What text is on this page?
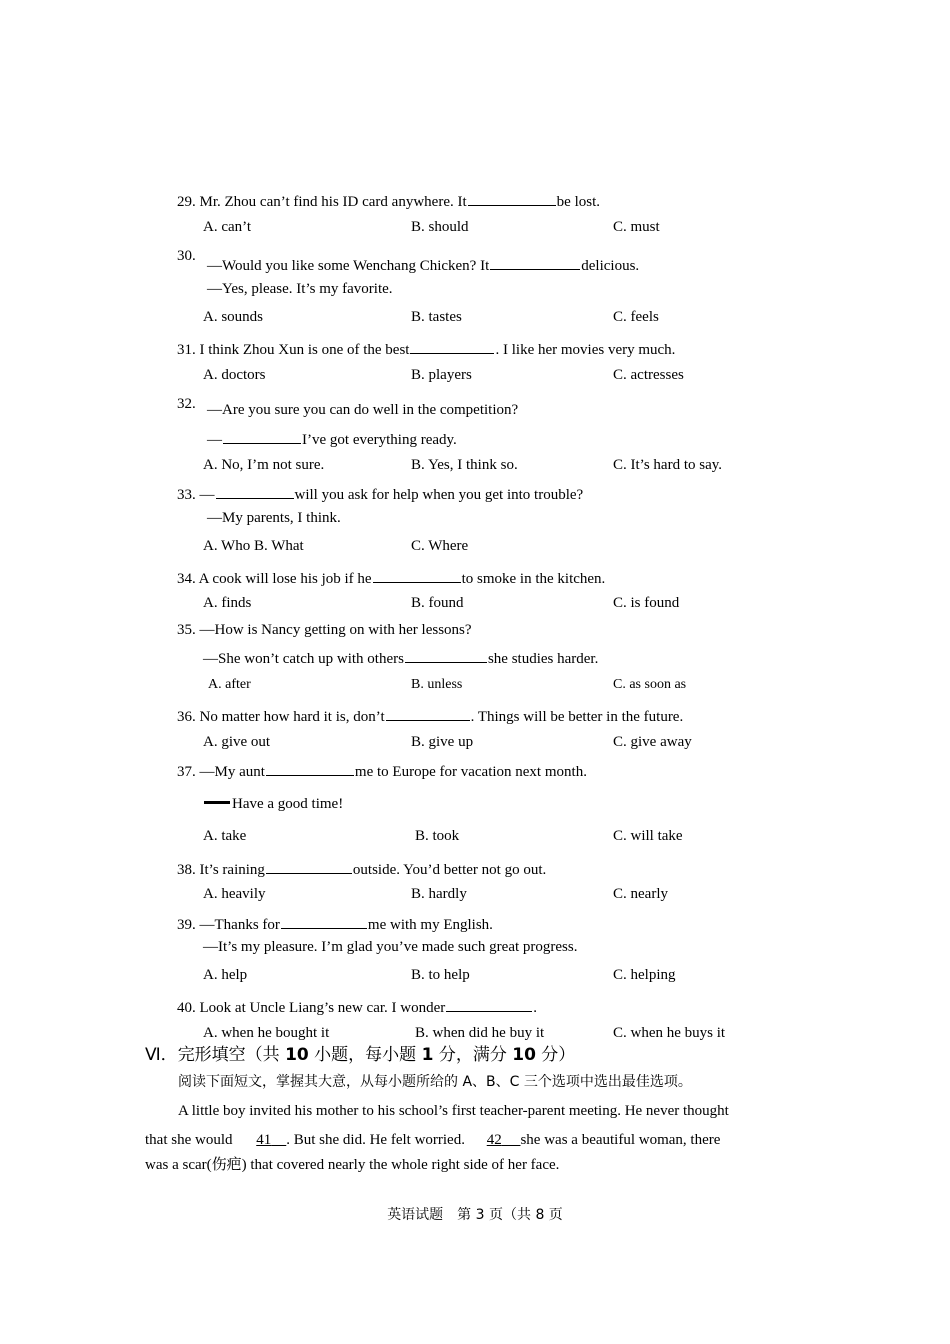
29. Mr. Zhou can’t find his ID card anywhere. It	be lost.
A. can’t	B. should	C. must
30.
—Would you like some Wenchang Chicken? It	delicious.
—Yes, please. It’s my favorite.
A. sounds	B. tastes	C. feels
31. I think Zhou Xun is one of the best	. I like her movies very much.
A. doctors	B. players	C. actresses
32. —Are you sure you can do well in the competition?
—	I’ve got everything ready.
A. No, I’m not sure.	B. Yes, I think so.	C. It’s hard to say.
33. —	will you ask for help when you get into trouble?
—My parents, I think.
A. Who B. What	C. Where
34. A cook will lose his job if he	to smoke in the kitchen.
A. finds	B. found	C. is found
35. —How is Nancy getting on with her lessons?
—She won’t catch up with others	she studies harder.
A. after	B. unless	C. as soon as
36. No matter how hard it is, don’t	. Things will be better in the future.
A. give out	B. give up	C. give away
37. —My aunt	me to Europe for vacation next month.
Have a good time!
A. take	B. took	C. will take
38. It’s raining	outside. You’d better not go out.
A. heavily	B. hardly	C. nearly
39. —Thanks for	me with my English.
—It’s my pleasure. I’m glad you’ve made such great progress.
A. help	B. to help	C. helping
40. Look at Uncle Liang’s new car. I wonder	.
A. when he bought it	B. when did he buy it	C. when he buys it
Ⅵ．完形填空（共 10 小题，每小题 1 分，满分 10 分）
阅读下面短文，掌握其大意，从每小题所给的 A、B、C 三个选项中选出最佳选项。
A little boy invited his mother to his school’s first teacher-parent meeting. He never thought
that she would 41 . But she did. He felt worried. 42 she was a beautiful woman, there
was a scar(伤疤) that covered nearly the whole right side of her face.
英语试题　第 3 页（共 8 页
